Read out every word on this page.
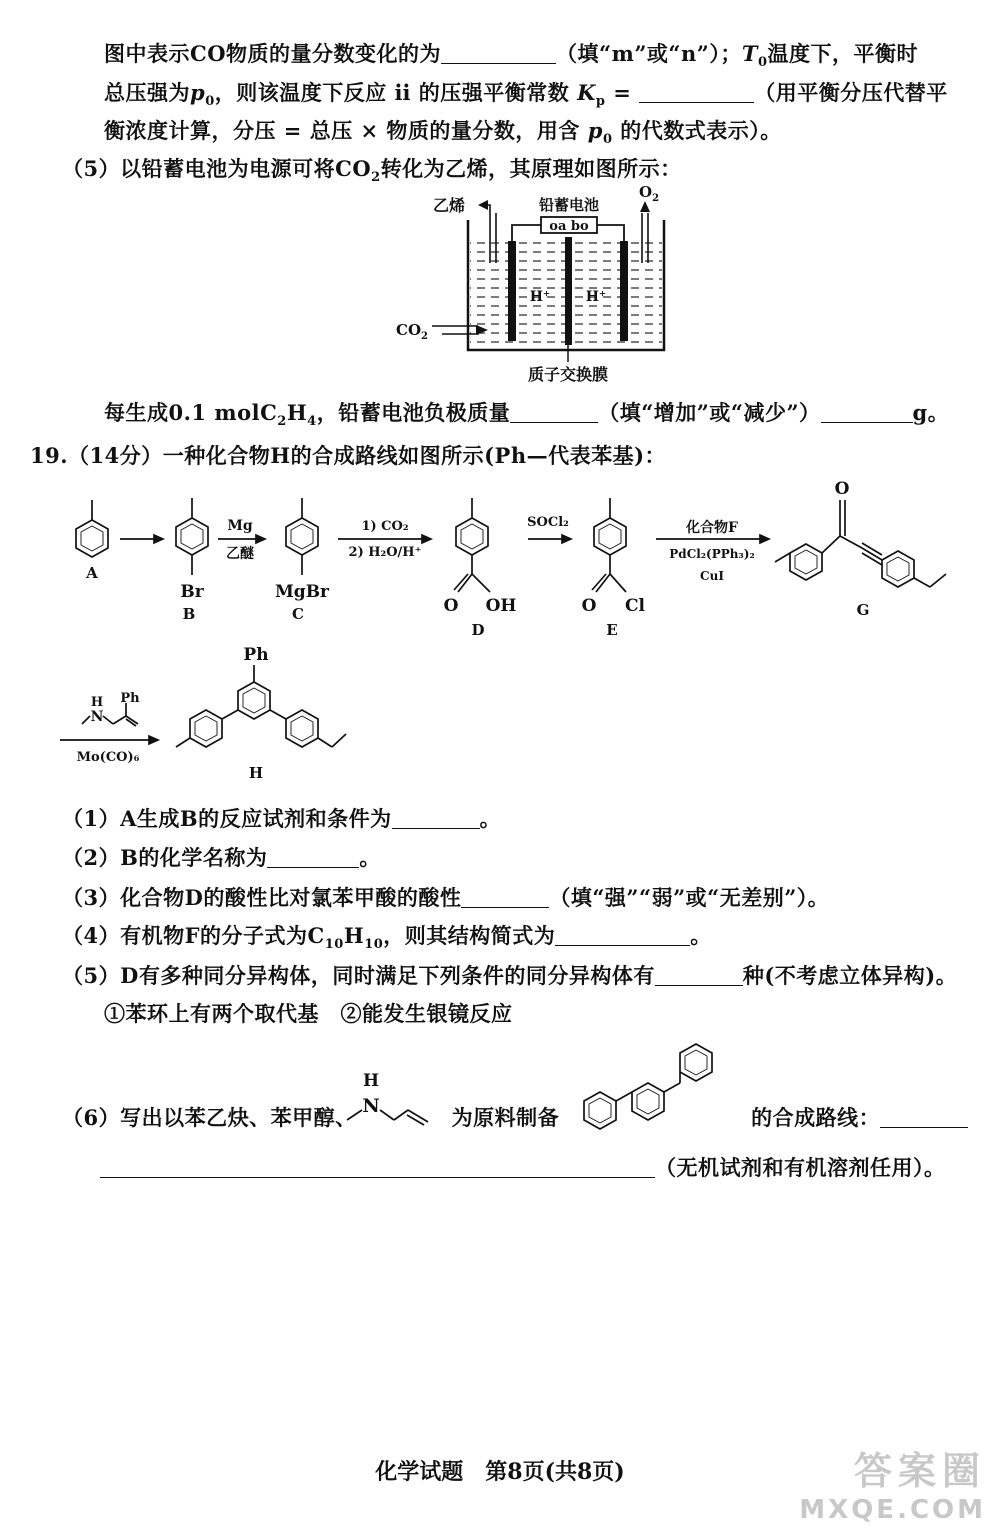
图中表示CO物质的量分数变化的为	（填“m”或“n”）；$T_0$温度下，平衡时
总压强为$p_0$，则该温度下反应 ⅱ 的压强平衡常数 $K_p$ =	（用平衡分压代替平
衡浓度计算，分压 = 总压 × 物质的量分数，用含 $p_0$ 的代数式表示）。
（5）以铅蓄电池为电源可将$CO_2$转化为乙烯，其原理如图所示：
oa bo
铅蓄电池
乙烯
$O_2$
$CO_2$
H⁺	H⁺
质子交换膜
每生成0.1 $molC_2H_4$，铅蓄电池负极质量	（填“增加”或“减少”）	g。
19.（14分）一种化合物H的合成路线如图所示(Ph—代表苯基)：
A
Br
B
Mg
乙醚
MgBr
C
1) CO₂
2) H₂O/H⁺
O OH
D
SOCl₂
O Cl
E
化合物F
PdCl₂(PPh₃)₂
CuI
O
G
H
N
Ph
Mo(CO)₆
Ph
H
（1）A生成B的反应试剂和条件为	。
（2）B的化学名称为	。
（3）化合物D的酸性比对氯苯甲酸的酸性	（填“强”“弱”或“无差别”）。
（4）有机物F的分子式为$C_{10}H_{10}$，则其结构简式为	。
（5）D有多种同分异构体，同时满足下列条件的同分异构体有	种(不考虑立体异构)。
①苯环上有两个取代基　②能发生银镜反应
（6）写出以苯乙炔、苯甲醇、	为原料制备	的合成路线：
H
N
（无机试剂和有机溶剂任用）。
化学试题　第8页(共8页)	答案圈
MXQE.COM
